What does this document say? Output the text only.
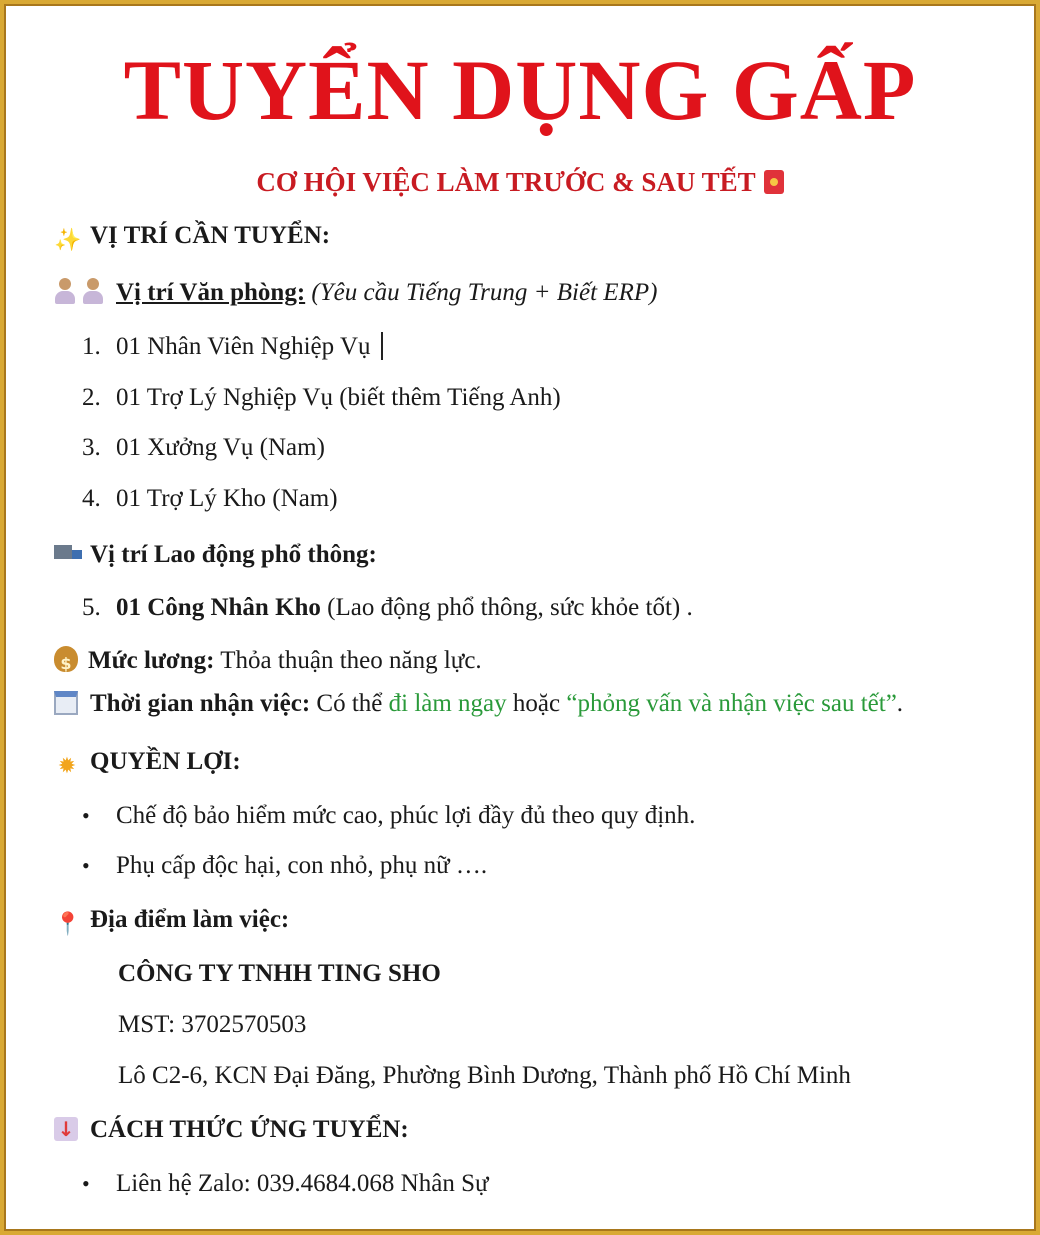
TUYỂN DỤNG GẤP
CƠ HỘI VIỆC LÀM TRƯỚC & SAU TẾT
✨ VỊ TRÍ CẦN TUYỂN:
Vị trí Văn phòng: (Yêu cầu Tiếng Trung + Biết ERP)
1. 01 Nhân Viên Nghiệp Vụ
2. 01 Trợ Lý Nghiệp Vụ (biết thêm Tiếng Anh)
3. 01 Xưởng Vụ (Nam)
4. 01 Trợ Lý Kho (Nam)
Vị trí Lao động phổ thông:
5. 01 Công Nhân Kho (Lao động phổ thông, sức khỏe tốt) .
$Mức lương: Thỏa thuận theo năng lực.
Thời gian nhận việc: Có thể đi làm ngay hoặc “phỏng vấn và nhận việc sau tết”.
✹ QUYỀN LỢI:
• Chế độ bảo hiểm mức cao, phúc lợi đầy đủ theo quy định.
• Phụ cấp độc hại, con nhỏ, phụ nữ ….
📍 Địa điểm làm việc:
CÔNG TY TNHH TING SHO
MST: 3702570503
Lô C2-6, KCN Đại Đăng, Phường Bình Dương, Thành phố Hồ Chí Minh
↓CÁCH THỨC ỨNG TUYỂN:
• Liên hệ Zalo: 039.4684.068 Nhân Sự
